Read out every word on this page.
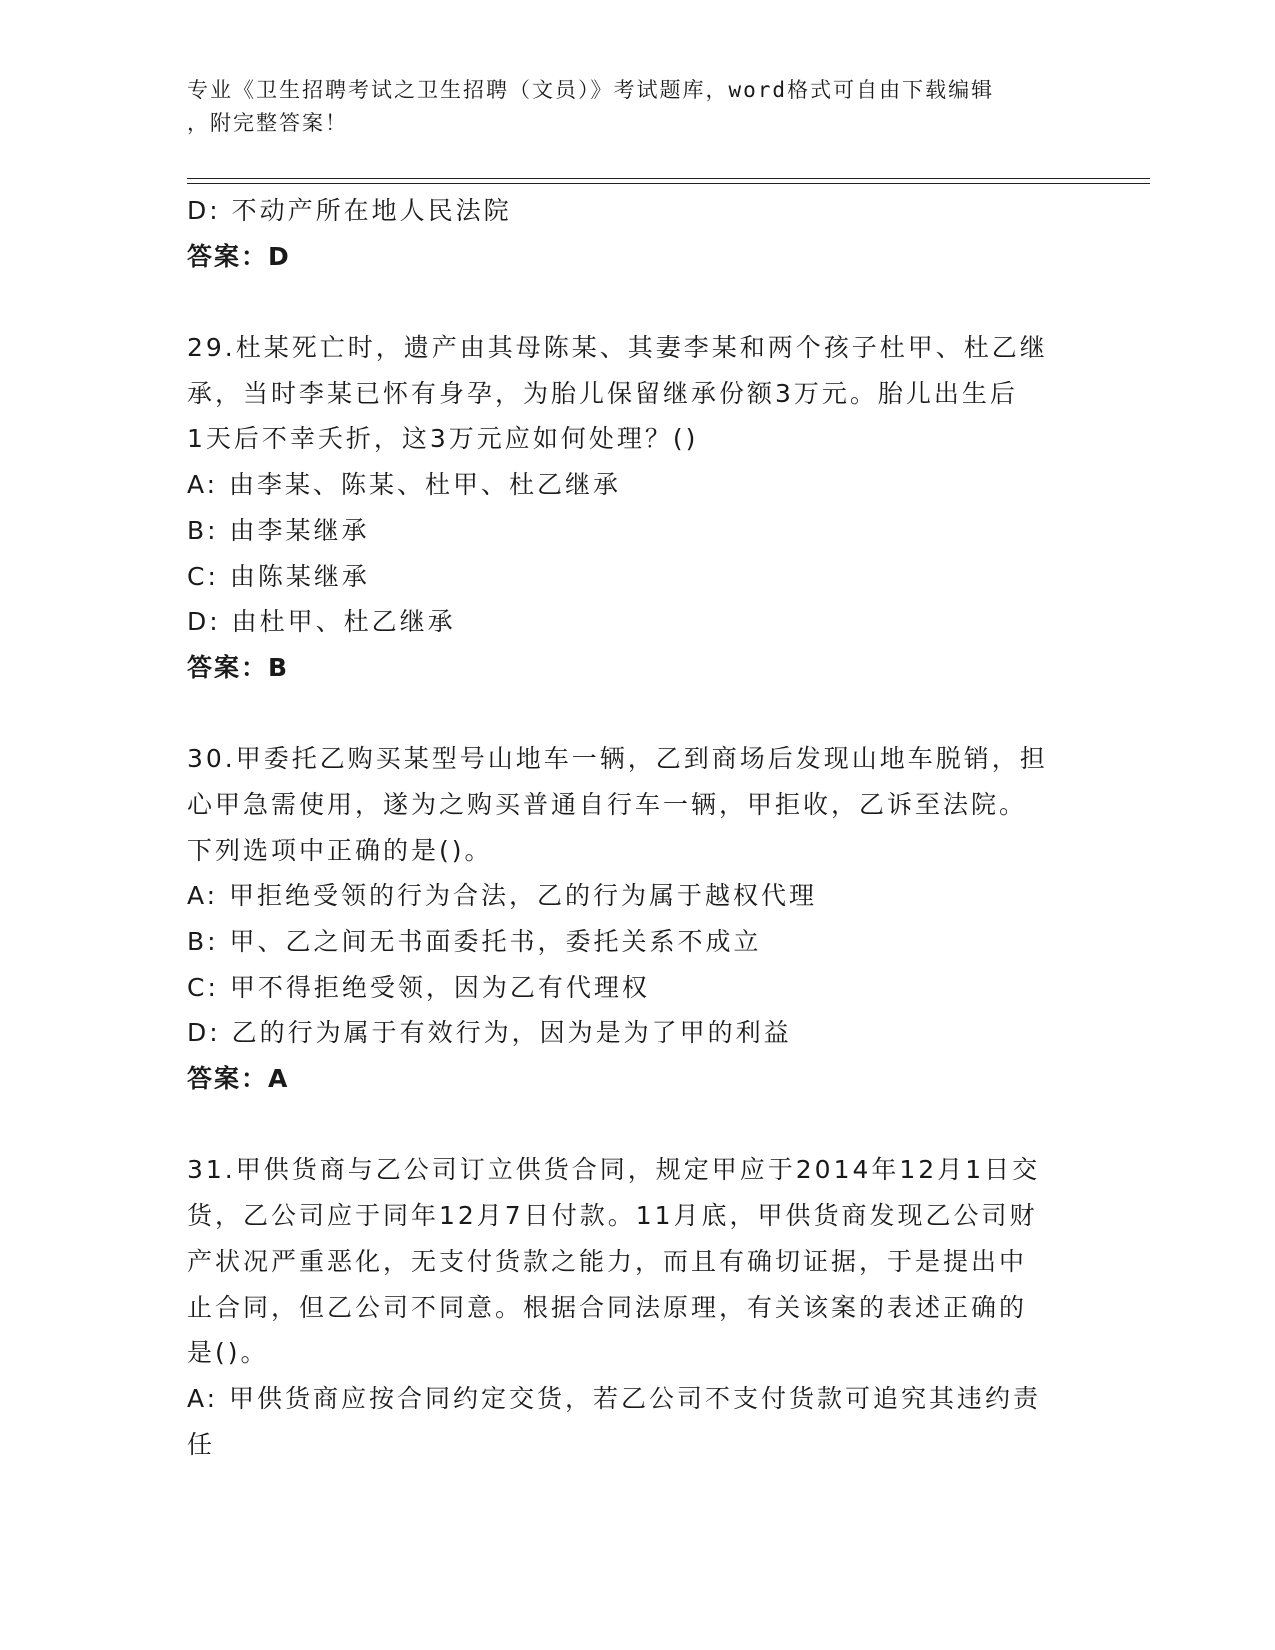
专业《卫生招聘考试之卫生招聘（文员）》考试题库，word格式可自由下载编辑
，附完整答案！
D: 不动产所在地人民法院
答案：D
29.杜某死亡时，遗产由其母陈某、其妻李某和两个孩子杜甲、杜乙继
承，当时李某已怀有身孕，为胎儿保留继承份额3万元。胎儿出生后
1天后不幸夭折，这3万元应如何处理？()
A: 由李某、陈某、杜甲、杜乙继承
B: 由李某继承
C: 由陈某继承
D: 由杜甲、杜乙继承
答案：B
30.甲委托乙购买某型号山地车一辆，乙到商场后发现山地车脱销，担
心甲急需使用，遂为之购买普通自行车一辆，甲拒收，乙诉至法院。
下列选项中正确的是()。
A: 甲拒绝受领的行为合法，乙的行为属于越权代理
B: 甲、乙之间无书面委托书，委托关系不成立
C: 甲不得拒绝受领，因为乙有代理权
D: 乙的行为属于有效行为，因为是为了甲的利益
答案：A
31.甲供货商与乙公司订立供货合同，规定甲应于2014年12月1日交
货，乙公司应于同年12月7日付款。11月底，甲供货商发现乙公司财
产状况严重恶化，无支付货款之能力，而且有确切证据，于是提出中
止合同，但乙公司不同意。根据合同法原理，有关该案的表述正确的
是()。
A: 甲供货商应按合同约定交货，若乙公司不支付货款可追究其违约责
任
